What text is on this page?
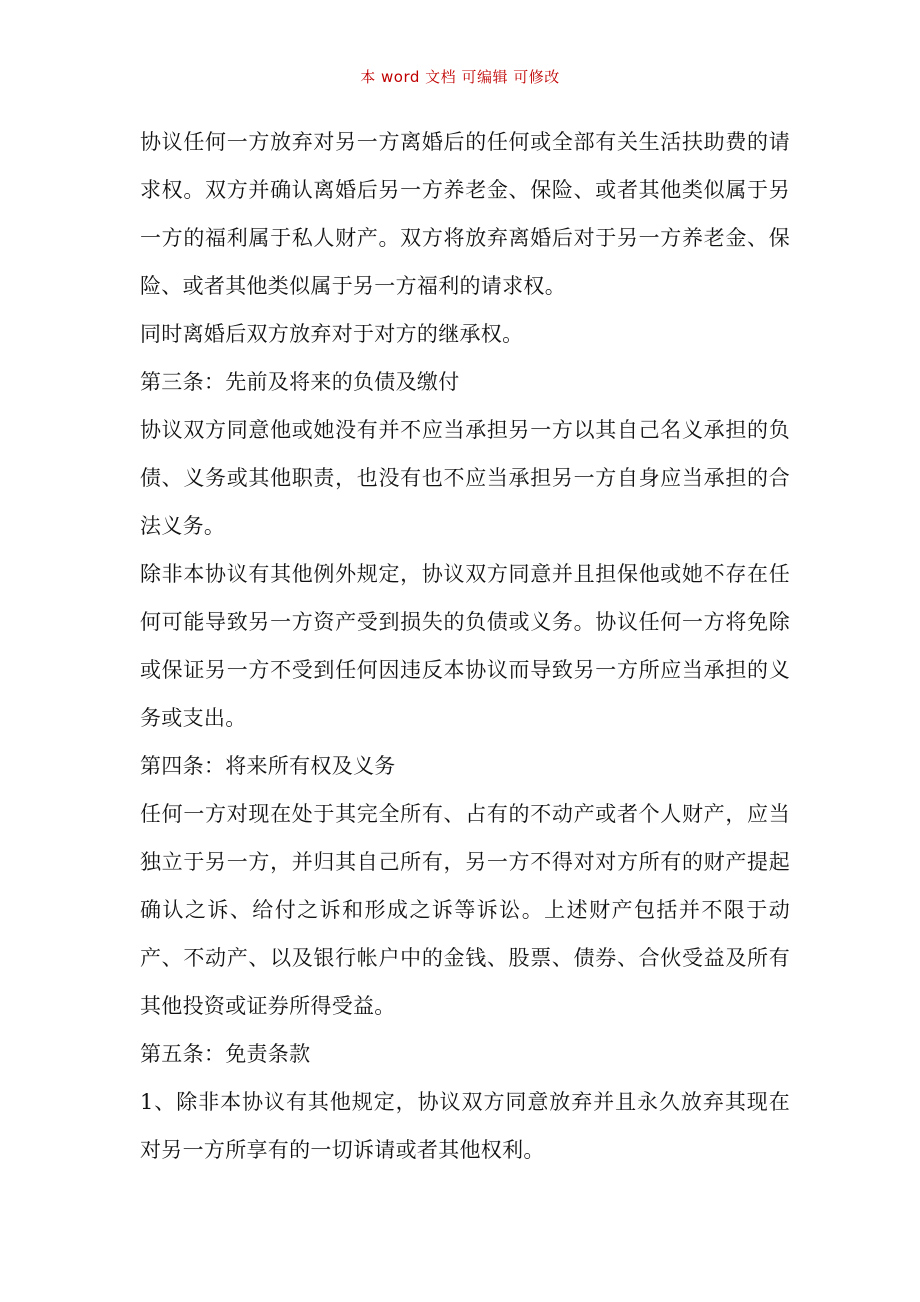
本 word 文档 可编辑 可修改

协议任何一方放弃对另一方离婚后的任何或全部有关生活扶助费的请求权。双方并确认离婚后另一方养老金、保险、或者其他类似属于另一方的福利属于私人财产。双方将放弃离婚后对于另一方养老金、保险、或者其他类似属于另一方福利的请求权。

同时离婚后双方放弃对于对方的继承权。

第三条：先前及将来的负债及缴付

协议双方同意他或她没有并不应当承担另一方以其自己名义承担的负债、义务或其他职责，也没有也不应当承担另一方自身应当承担的合法义务。

除非本协议有其他例外规定，协议双方同意并且担保他或她不存在任何可能导致另一方资产受到损失的负债或义务。协议任何一方将免除或保证另一方不受到任何因违反本协议而导致另一方所应当承担的义务或支出。

第四条：将来所有权及义务

任何一方对现在处于其完全所有、占有的不动产或者个人财产，应当独立于另一方，并归其自己所有，另一方不得对对方所有的财产提起确认之诉、给付之诉和形成之诉等诉讼。上述财产包括并不限于动产、不动产、以及银行帐户中的金钱、股票、债券、合伙受益及所有其他投资或证券所得受益。

第五条：免责条款

1、除非本协议有其他规定，协议双方同意放弃并且永久放弃其现在对另一方所享有的一切诉请或者其他权利。
